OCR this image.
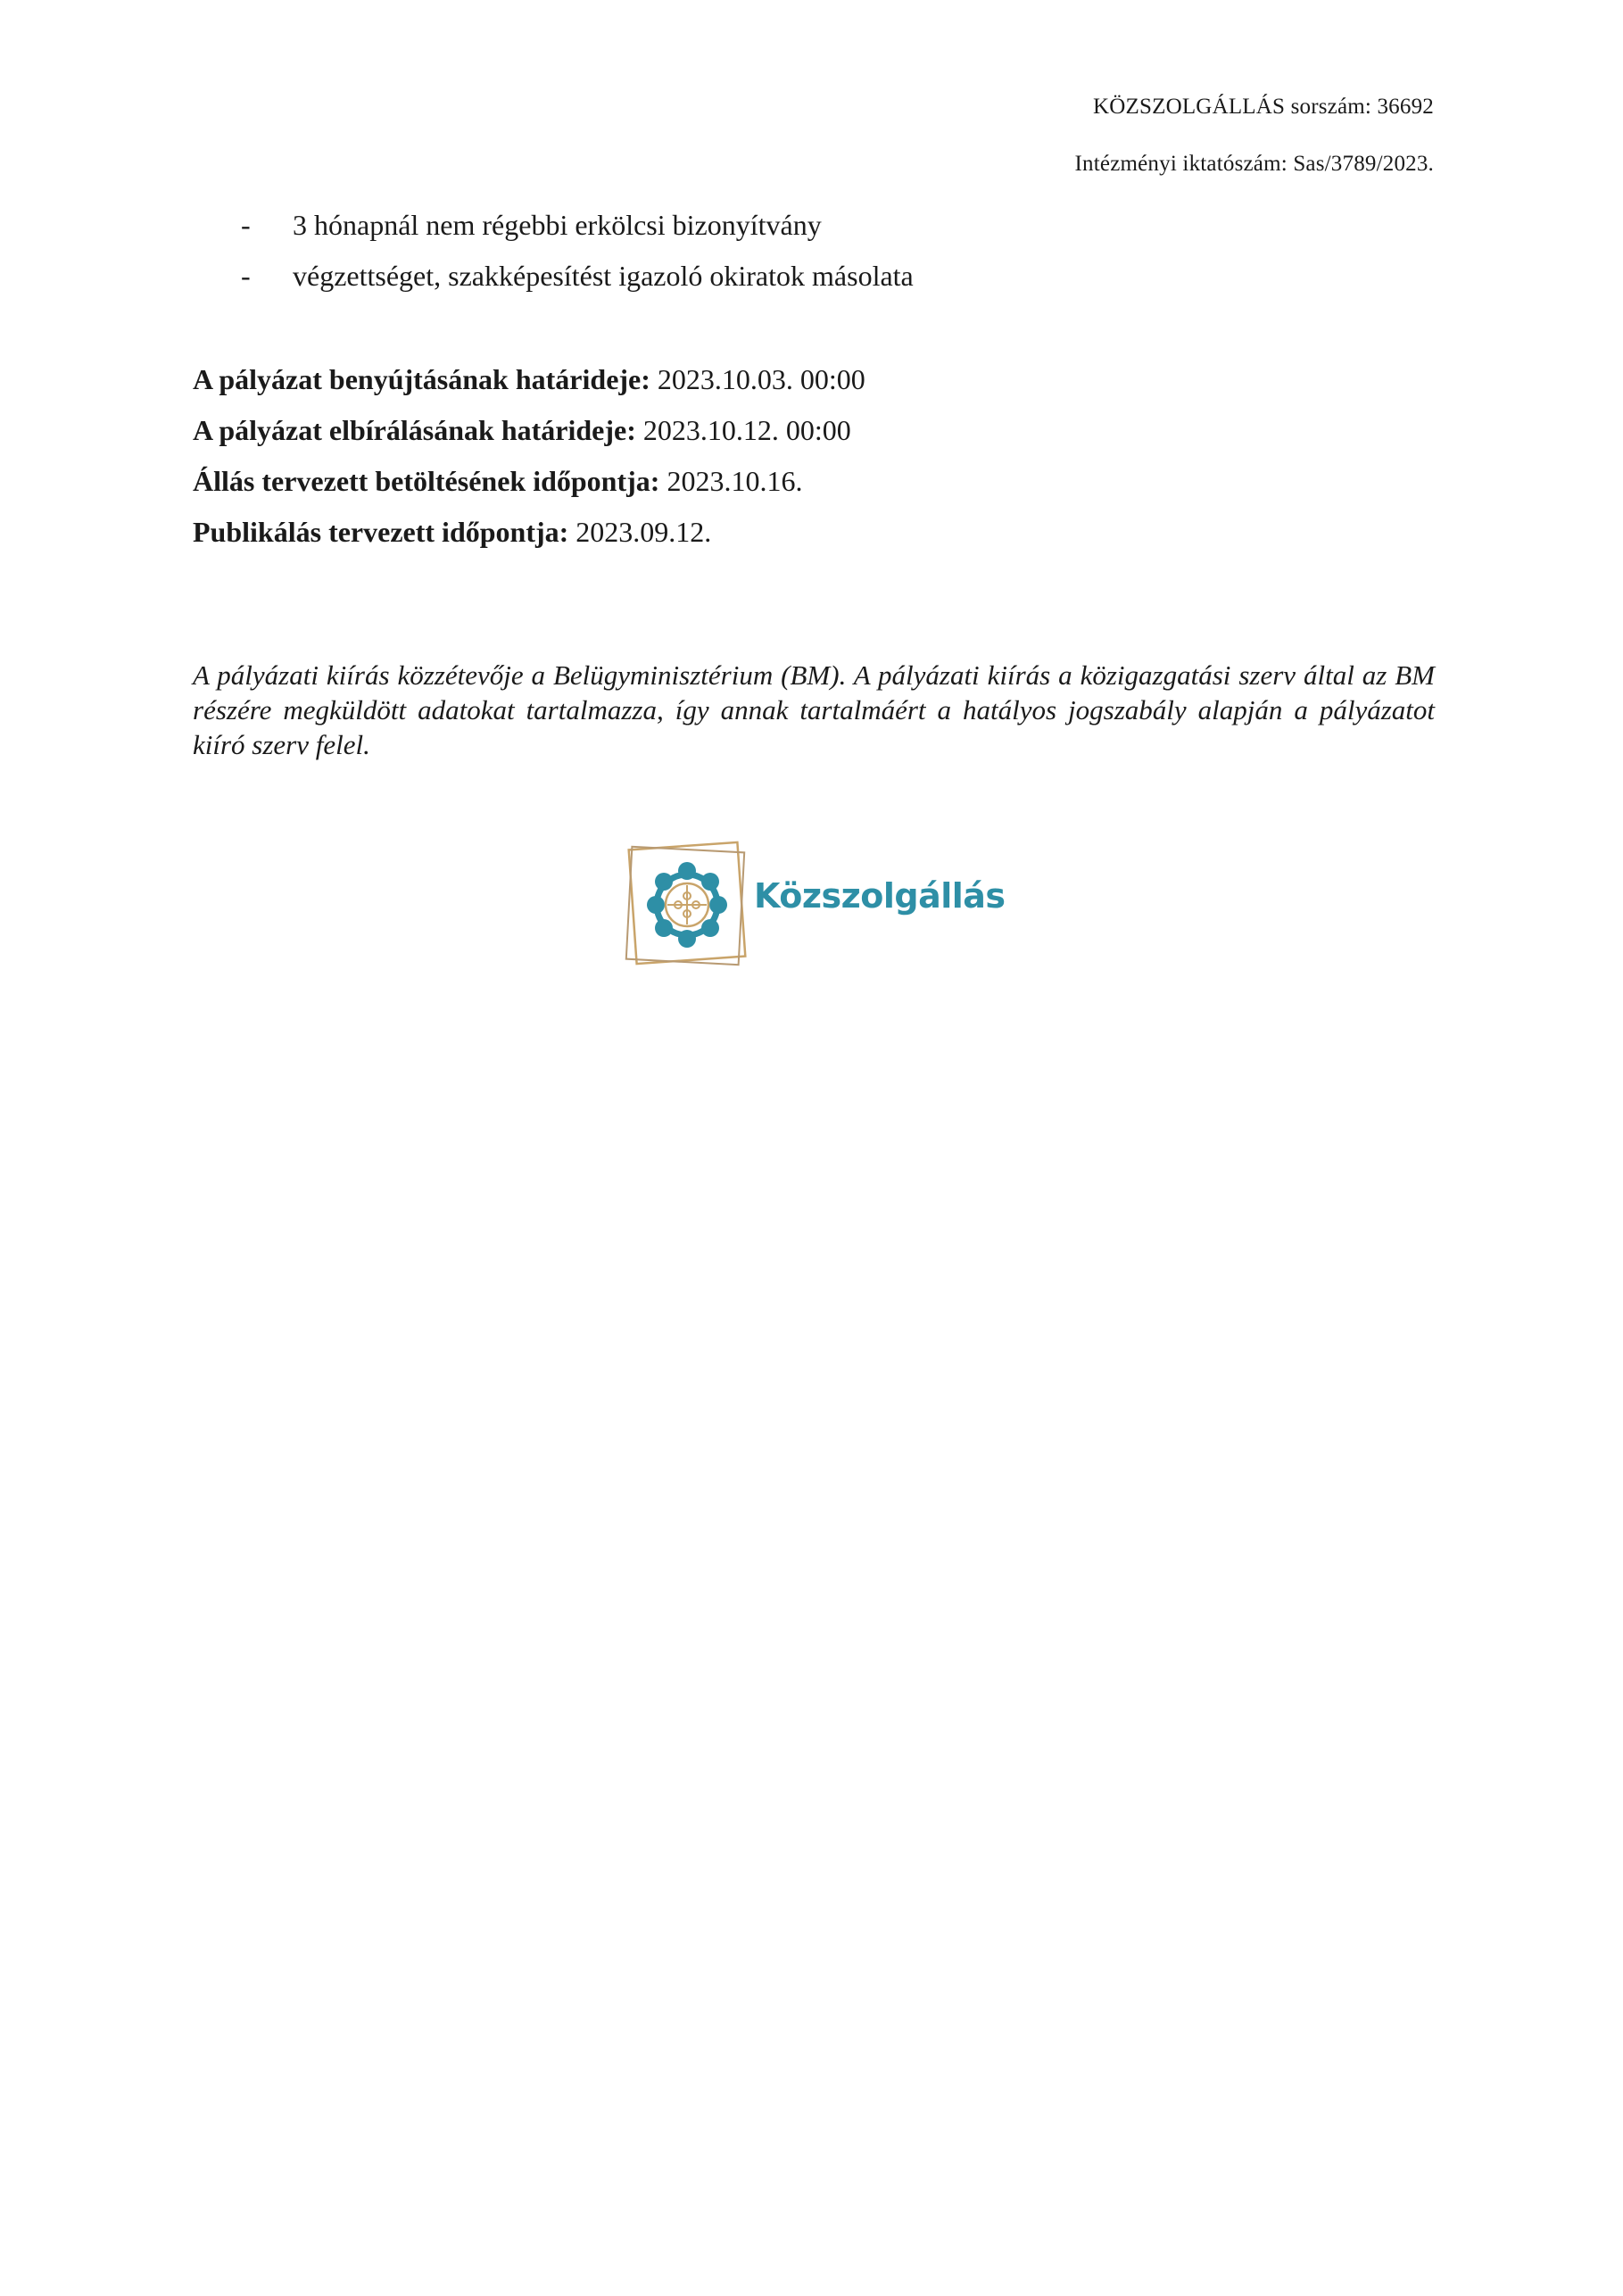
KÖZSZOLGÁLLÁS sorszám: 36692
Intézményi iktatószám: Sas/3789/2023.
- 3 hónapnál nem régebbi erkölcsi bizonyítvány
- végzettséget, szakképesítést igazoló okiratok másolata
A pályázat benyújtásának határideje: 2023.10.03. 00:00
A pályázat elbírálásának határideje: 2023.10.12. 00:00
Állás tervezett betöltésének időpontja: 2023.10.16.
Publikálás tervezett időpontja: 2023.09.12.
A pályázati kiírás közzétevője a Belügyminisztérium (BM). A pályázati kiírás a közigazgatási szerv által az BM részére megküldött adatokat tartalmazza, így annak tartalmáért a hatályos jogszabály alapján a pályázatot kiíró szerv felel.
Közszolgállás
